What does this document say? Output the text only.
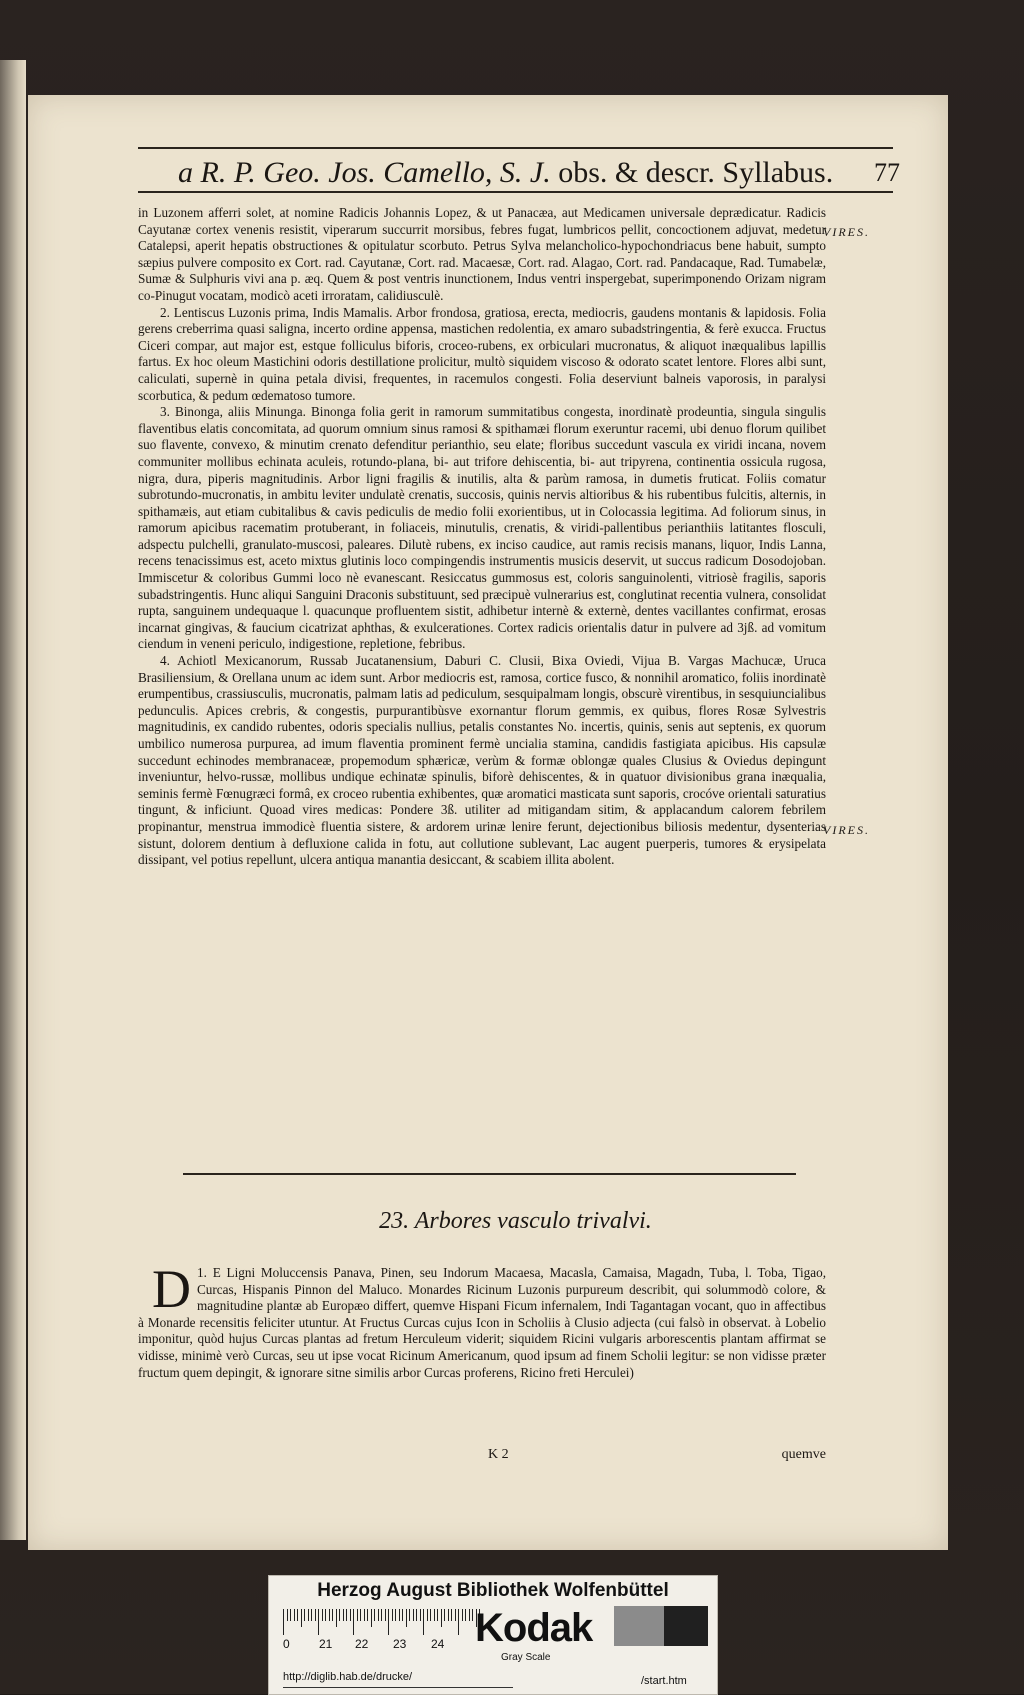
a R. P. Geo. Jos. Camello, S. J. obs. & descr. Syllabus. 77
VIRES.
VIRES.

in Luzonem afferri solet, at nomine Radicis Johannis Lopez, & ut Panacæa, aut Medicamen universale deprædicatur. Radicis Cayutanæ cortex venenis resistit, viperarum succurrit morsibus, febres fugat, lumbricos pellit, concoctionem adjuvat, medetur Catalepsi, aperit hepatis obstructiones & opitulatur scorbuto. Petrus Sylva melancholico-hypochondriacus bene habuit, sumpto sæpius pulvere composito ex Cort. rad. Cayutanæ, Cort. rad. Macaesæ, Cort. rad. Alagao, Cort. rad. Pandacaque, Rad. Tumabelæ, Sumæ & Sulphuris vivi ana p. æq. Quem & post ventris inunctionem, Indus ventri inspergebat, superimponendo Orizam nigram co-Pinugut vocatam, modicò aceti irroratam, calidiusculè.

2. Lentiscus Luzonis prima, Indis Mamalis. Arbor frondosa, gratiosa, erecta, mediocris, gaudens montanis & lapidosis. Folia gerens creberrima quasi saligna, incerto ordine appensa, mastichen redolentia, ex amaro subadstringentia, & ferè exucca. Fructus Ciceri compar, aut major est, estque folliculus biforis, croceo-rubens, ex orbiculari mucronatus, & aliquot inæqualibus lapillis fartus. Ex hoc oleum Mastichini odoris destillatione prolicitur, multò siquidem viscoso & odorato scatet lentore. Flores albi sunt, caliculati, supernè in quina petala divisi, frequentes, in racemulos congesti. Folia deserviunt balneis vaporosis, in paralysi scorbutica, & pedum œdematoso tumore.

3. Binonga, aliis Minunga. Binonga folia gerit in ramorum summitatibus congesta, inordinatè prodeuntia, singula singulis flaventibus elatis concomitata, ad quorum omnium sinus ramosi & spithamæi florum exeruntur racemi, ubi denuo florum quilibet suo flavente, convexo, & minutim crenato defenditur perianthio, seu elate; floribus succedunt vascula ex viridi incana, novem communiter mollibus echinata aculeis, rotundo-plana, bi- aut trifore dehiscentia, bi- aut tripyrena, continentia ossicula rugosa, nigra, dura, piperis magnitudinis. Arbor ligni fragilis & inutilis, alta & parùm ramosa, in dumetis fruticat. Foliis comatur subrotundo-mucronatis, in ambitu leviter undulatè crenatis, succosis, quinis nervis altioribus & his rubentibus fulcitis, alternis, in spithamæis, aut etiam cubitalibus & cavis pediculis de medio folii exorientibus, ut in Colocassia legitima. Ad foliorum sinus, in ramorum apicibus racematim protuberant, in foliaceis, minutulis, crenatis, & viridi-pallentibus perianthiis latitantes flosculi, adspectu pulchelli, granulato-muscosi, paleares. Dilutè rubens, ex inciso caudice, aut ramis recisis manans, liquor, Indis Lanna, recens tenacissimus est, aceto mixtus glutinis loco compingendis instrumentis musicis deservit, ut succus radicum Dosodojoban. Immiscetur & coloribus Gummi loco nè evanescant. Resiccatus gummosus est, coloris sanguinolenti, vitriosè fragilis, saporis subadstringentis. Hunc aliqui Sanguini Draconis substituunt, sed præcipuè vulnerarius est, conglutinat recentia vulnera, consolidat rupta, sanguinem undequaque l. quacunque profluentem sistit, adhibetur internè & externè, dentes vacillantes confirmat, erosas incarnat gingivas, & faucium cicatrizat aphthas, & exulcerationes. Cortex radicis orientalis datur in pulvere ad 3jß. ad vomitum ciendum in veneni periculo, indigestione, repletione, febribus.

4. Achiotl Mexicanorum, Russab Jucatanensium, Daburi C. Clusii, Bixa Oviedi, Vijua B. Vargas Machucæ, Uruca Brasiliensium, & Orellana unum ac idem sunt. Arbor mediocris est, ramosa, cortice fusco, & nonnihil aromatico, foliis inordinatè erumpentibus, crassiusculis, mucronatis, palmam latis ad pediculum, sesquipalmam longis, obscurè virentibus, in sesquiuncialibus pedunculis. Apices crebris, & congestis, purpurantibùsve exornantur florum gemmis, ex quibus, flores Rosæ Sylvestris magnitudinis, ex candido rubentes, odoris specialis nullius, petalis constantes No. incertis, quinis, senis aut septenis, ex quorum umbilico numerosa purpurea, ad imum flaventia prominent fermè uncialia stamina, candidis fastigiata apicibus. His capsulæ succedunt echinodes membranaceæ, propemodum sphæricæ, verùm & formæ oblongæ quales Clusius & Oviedus depingunt inveniuntur, helvo-russæ, mollibus undique echinatæ spinulis, biforè dehiscentes, & in quatuor divisionibus grana inæqualia, seminis fermè Fœnugræci formâ, ex croceo rubentia exhibentes, quæ aromatici masticata sunt saporis, crocóve orientali saturatius tingunt, & inficiunt. Quoad vires medicas: Pondere 3ß. utiliter ad mitigandam sitim, & applacandum calorem febrilem propinantur, menstrua immodicè fluentia sistere, & ardorem urinæ lenire ferunt, dejectionibus biliosis medentur, dysenterias sistunt, dolorem dentium à defluxione calida in fotu, aut collutione sublevant, Lac augent puerperis, tumores & erysipelata dissipant, vel potius repellunt, ulcera antiqua manantia desiccant, & scabiem illita abolent.

23. Arbores vasculo trivalvi.
1.
D E Ligni Moluccensis Panava, Pinen, seu Indorum Macaesa, Macasla, Camaisa, Magadn, Tuba, l. Toba, Tigao, Curcas, Hispanis Pinnon del Maluco. Monardes Ricinum Luzonis purpureum describit, qui solummodò colore, & magnitudine plantæ ab Europæo differt, quemve Hispani Ficum infernalem, Indi Tagantagan vocant, quo in affectibus à Monarde recensitis feliciter utuntur. At Fructus Curcas cujus Icon in Scholiis à Clusio adjecta (cui falsò in observat. à Lobelio imponitur, quòd hujus Curcas plantas ad fretum Herculeum viderit; siquidem Ricini vulgaris arborescentis plantam affirmat se vidisse, minimè verò Curcas, seu ut ipse vocat Ricinum Americanum, quod ipsum ad finem Scholii legitur: se non vidisse præter fructum quem depingit, & ignorare sitne similis arbor Curcas proferens, Ricino freti Herculei)
K 2	quemve
Herzog August Bibliothek Wolfenbüttel
0 21 22 23 24 Kodak
Gray Scale
http://diglib.hab.de/drucke/	/start.htm
